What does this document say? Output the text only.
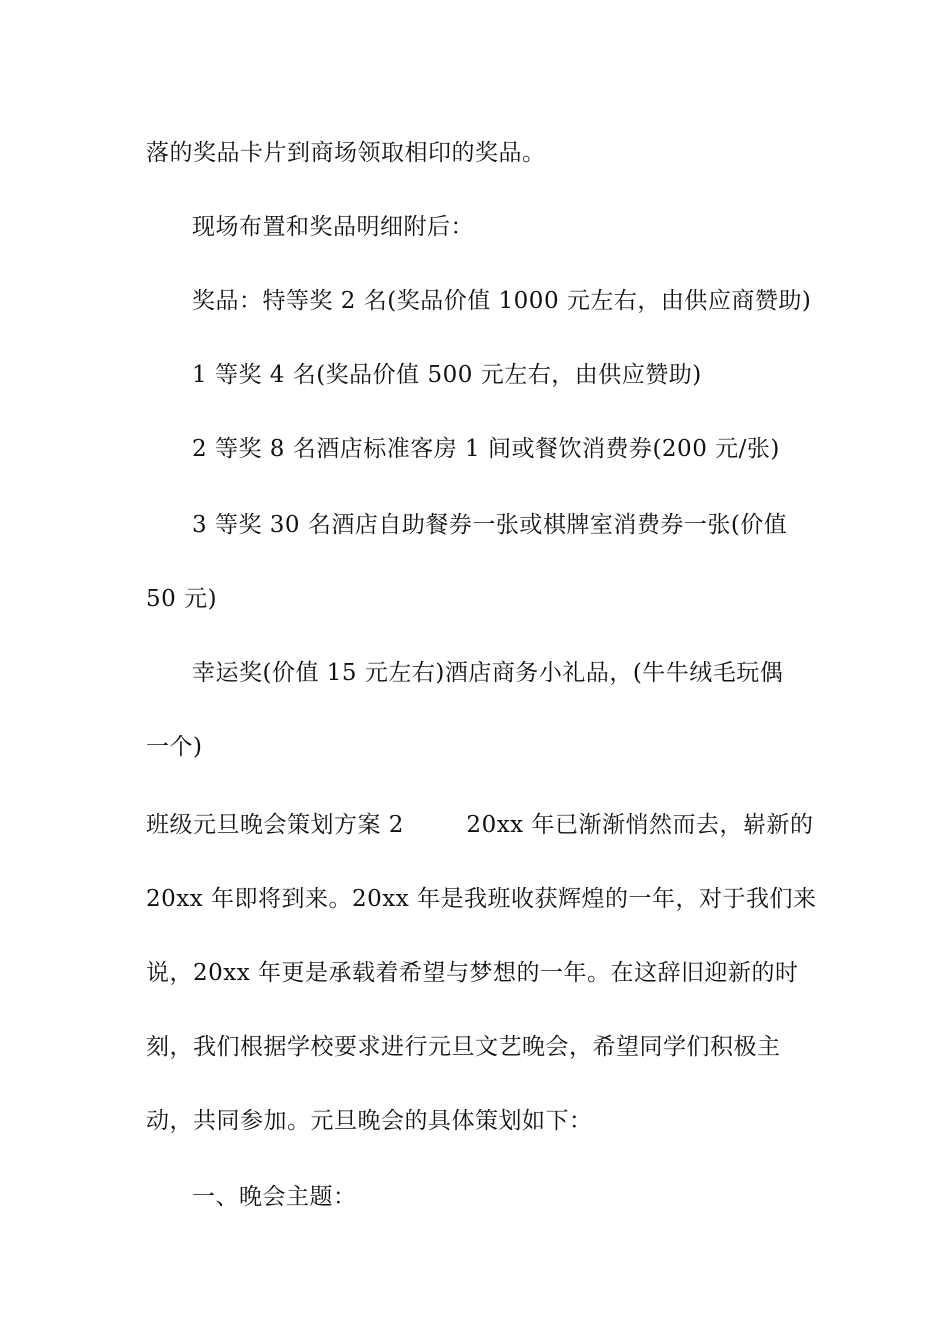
落的奖品卡片到商场领取相印的奖品。
现场布置和奖品明细附后：
奖品：特等奖 2 名(奖品价值 1000 元左右，由供应商赞助)
1 等奖 4 名(奖品价值 500 元左右，由供应赞助)
2 等奖 8 名酒店标准客房 1 间或餐饮消费券(200 元/张)
3 等奖 30 名酒店自助餐券一张或棋牌室消费券一张(价值
50 元)
幸运奖(价值 15 元左右)酒店商务小礼品，(牛牛绒毛玩偶
一个)
班级元旦晚会策划方案 2        20xx 年已渐渐悄然而去，崭新的
20xx 年即将到来。20xx 年是我班收获辉煌的一年，对于我们来
说，20xx 年更是承载着希望与梦想的一年。在这辞旧迎新的时
刻，我们根据学校要求进行元旦文艺晚会，希望同学们积极主
动，共同参加。元旦晚会的具体策划如下：
一、晚会主题：
